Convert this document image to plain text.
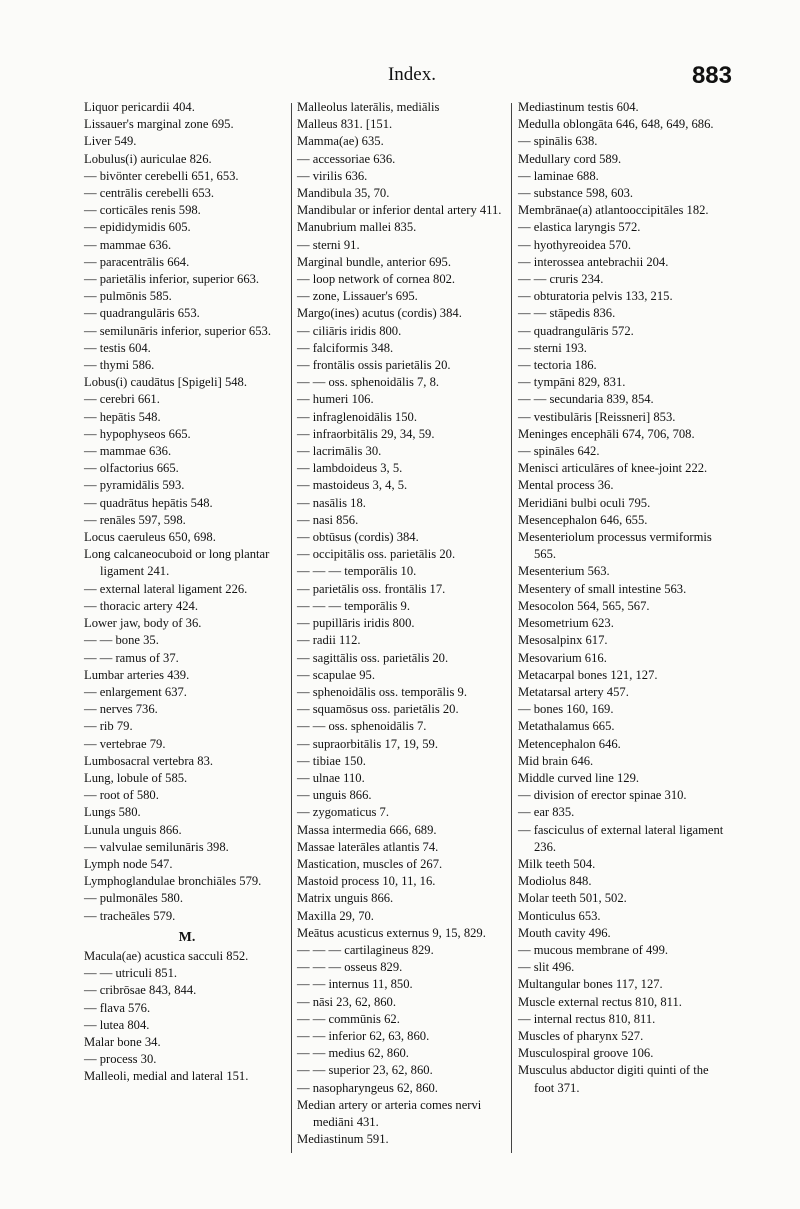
Index.	883

Liquor pericardii 404.

Lissauer's marginal zone 695.

Liver 549.

Lobulus(i) auriculae 826.

— bivönter cerebelli 651, 653.

— centrālis cerebelli 653.

— corticāles renis 598.

— epididymidis 605.

— mammae 636.

— paracentrālis 664.

— parietālis inferior, superior 663.

— pulmōnis 585.

— quadrangulāris 653.

— semilunāris inferior, superior 653.

— testis 604.

— thymi 586.

Lobus(i) caudātus [Spigeli] 548.

— cerebri 661.

— hepātis 548.

— hypophyseos 665.

— mammae 636.

— olfactorius 665.

— pyramidālis 593.

— quadrātus hepātis 548.

— renāles 597, 598.

Locus caeruleus 650, 698.

Long calcaneocuboid or long plantar ligament 241.

— external lateral ligament 226.

— thoracic artery 424.

Lower jaw, body of 36.

— — bone 35.

— — ramus of 37.

Lumbar arteries 439.

— enlargement 637.

— nerves 736.

— rib 79.

— vertebrae 79.

Lumbosacral vertebra 83.

Lung, lobule of 585.

— root of 580.

Lungs 580.

Lunula unguis 866.

— valvulae semilunāris 398.

Lymph node 547.

Lymphoglandulae bronchiāles 579.

— pulmonāles 580.

— tracheāles 579.

M.

Macula(ae) acustica sacculi 852.

— — utriculi 851.

— cribrōsae 843, 844.

— flava 576.

— lutea 804.

Malar bone 34.

— process 30.

Malleoli, medial and lateral 151.

Malleolus laterālis, mediālis

Malleus 831. [151.

Mamma(ae) 635.

— accessoriae 636.

— virilis 636.

Mandibula 35, 70.

Mandibular or inferior dental artery 411.

Manubrium mallei 835.

— sterni 91.

Marginal bundle, anterior 695.

— loop network of cornea 802.

— zone, Lissauer's 695.

Margo(ines) acutus (cordis) 384.

— ciliāris iridis 800.

— falciformis 348.

— frontālis ossis parietālis 20.

— — oss. sphenoidālis 7, 8.

— humeri 106.

— infraglenoidālis 150.

— infraorbitālis 29, 34, 59.

— lacrimālis 30.

— lambdoideus 3, 5.

— mastoideus 3, 4, 5.

— nasālis 18.

— nasi 856.

— obtūsus (cordis) 384.

— occipitālis oss. parietālis 20.

— — — temporālis 10.

— parietālis oss. frontālis 17.

— — — temporālis 9.

— pupillāris iridis 800.

— radii 112.

— sagittālis oss. parietālis 20.

— scapulae 95.

— sphenoidālis oss. temporālis 9.

— squamōsus oss. parietālis 20.

— — oss. sphenoidālis 7.

— supraorbitālis 17, 19, 59.

— tibiae 150.

— ulnae 110.

— unguis 866.

— zygomaticus 7.

Massa intermedia 666, 689.

Massae laterāles atlantis 74.

Mastication, muscles of 267.

Mastoid process 10, 11, 16.

Matrix unguis 866.

Maxilla 29, 70.

Meātus acusticus externus 9, 15, 829.

— — — cartilagineus 829.

— — — osseus 829.

— — internus 11, 850.

— nāsi 23, 62, 860.

— — commūnis 62.

— — inferior 62, 63, 860.

— — medius 62, 860.

— — superior 23, 62, 860.

— nasopharyngeus 62, 860.

Median artery or arteria comes nervi mediāni 431.

Mediastinum 591.

Mediastinum testis 604.

Medulla oblongāta 646, 648, 649, 686.

— spinālis 638.

Medullary cord 589.

— laminae 688.

— substance 598, 603.

Membrānae(a) atlantooccipitāles 182.

— elastica laryngis 572.

— hyothyreoidea 570.

— interossea antebrachii 204.

— — cruris 234.

— obturatoria pelvis 133, 215.

— — stāpedis 836.

— quadrangulāris 572.

— sterni 193.

— tectoria 186.

— tympāni 829, 831.

— — secundaria 839, 854.

— vestibulāris [Reissneri] 853.

Meninges encephāli 674, 706, 708.

— spināles 642.

Menisci articulāres of knee-joint 222.

Mental process 36.

Meridiāni bulbi oculi 795.

Mesencephalon 646, 655.

Mesenteriolum processus vermiformis 565.

Mesenterium 563.

Mesentery of small intestine 563.

Mesocolon 564, 565, 567.

Mesometrium 623.

Mesosalpinx 617.

Mesovarium 616.

Metacarpal bones 121, 127.

Metatarsal artery 457.

— bones 160, 169.

Metathalamus 665.

Metencephalon 646.

Mid brain 646.

Middle curved line 129.

— division of erector spinae 310.

— ear 835.

— fasciculus of external lateral ligament 236.

Milk teeth 504.

Modiolus 848.

Molar teeth 501, 502.

Monticulus 653.

Mouth cavity 496.

— mucous membrane of 499.

— slit 496.

Multangular bones 117, 127.

Muscle external rectus 810, 811.

— internal rectus 810, 811.

Muscles of pharynx 527.

Musculospiral groove 106.

Musculus abductor digiti quinti of the foot 371.
